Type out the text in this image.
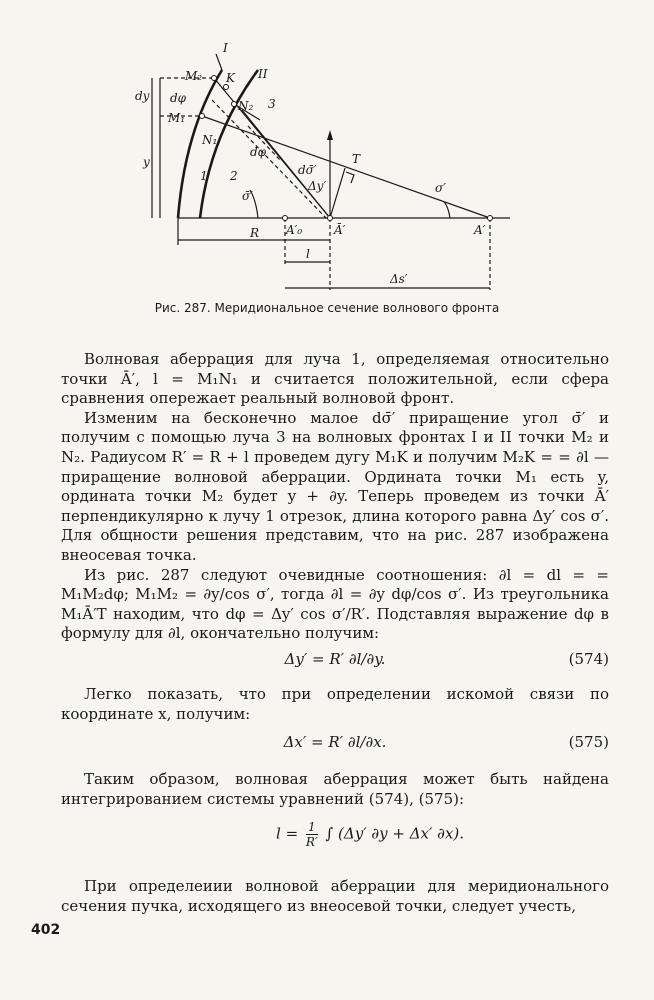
I
II
M₂ K
N₂
dy dφ
M₁
N₁
3
y
1 2
dφ
σ̄′
dσ̄′
Δy′
T
σ′
R A′₀	Ā′	A′
l
Δs′
Рис. 287. Меридиональное сечение волнового фронта

Волновая аберрация для луча 1, определяемая относительно точки Ā′, l = M₁N₁ и считается положительной, если сфера сравнения опережает реальный волновой фронт.

Изменим на бесконечно малое dσ̄′ приращение угол σ̄′ и получим с помощью луча 3 на волновых фронтах I и II точки M₂ и N₂. Радиусом R′ = R + l проведем дугу M₁K и получим M₂K = = ∂l — приращение волновой аберрации. Ордината точки M₁ есть y, ордината точки M₂ будет y + ∂y. Теперь проведем из точки Ā′ перпендикулярно к лучу 1 отрезок, длина которого равна Δy′ cos σ′. Для общности решения представим, что на рис. 287 изображена внеосевая точка.

Из рис. 287 следуют очевидные соотношения: ∂l = dl = = M₁M₂dφ; M₁M₂ = ∂y/cos σ′, тогда ∂l = ∂y dφ/cos σ′. Из треугольника M₁Ā′T находим, что dφ = Δy′ cos σ′/R′. Подставляя выражение dφ в формулу для ∂l, окончательно получим:

Δy′ = R′ ∂l/∂y.	(574)

Легко показать, что при определении искомой связи по координате x, получим:

Δx′ = R′ ∂l/∂x.	(575)

Таким образом, волновая аберрация может быть найдена интегрированием системы уравнений (574), (575):

$l = \frac{1}{R'}$ ∫ (Δy′ ∂y + Δx′ ∂x).

При определеиии волновой аберрации для меридионального сечения пучка, исходящего из внеосевой точки, следует учесть,

402
